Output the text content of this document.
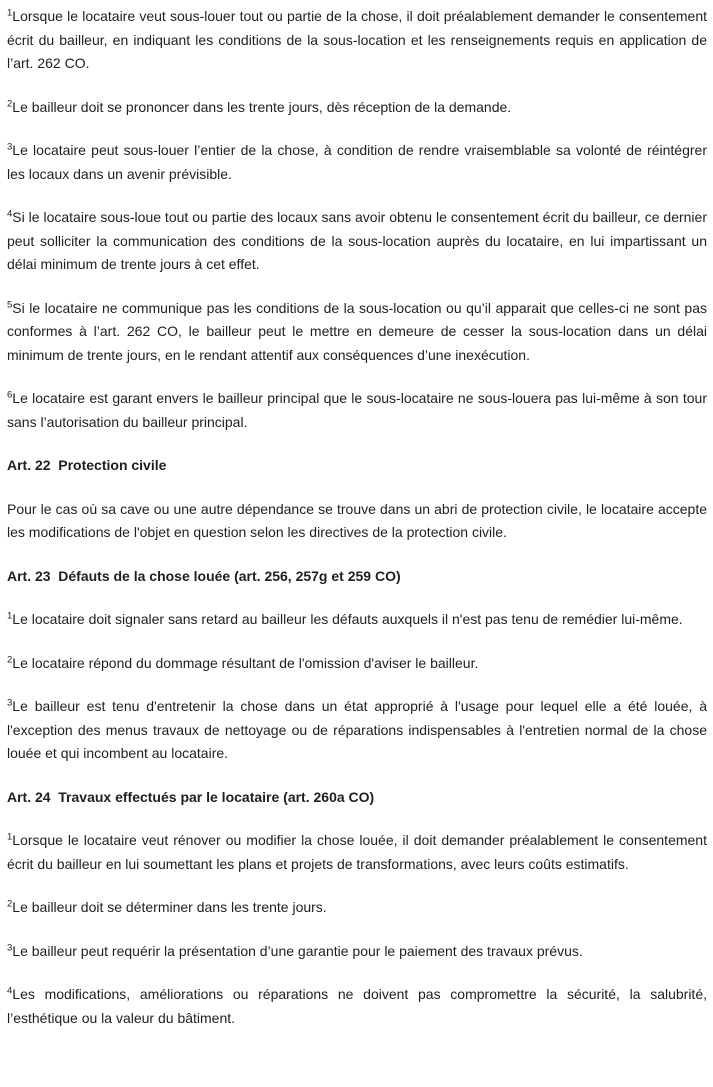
$^1$Lorsque le locataire veut sous-louer tout ou partie de la chose, il doit préalablement demander le consentement écrit du bailleur, en indiquant les conditions de la sous-location et les renseignements requis en application de l’art. 262 CO.

$^2$Le bailleur doit se prononcer dans les trente jours, dès réception de la demande.

$^3$Le locataire peut sous-louer l’entier de la chose, à condition de rendre vraisemblable sa volonté de réintégrer les locaux dans un avenir prévisible.

$^4$Si le locataire sous-loue tout ou partie des locaux sans avoir obtenu le consentement écrit du bailleur, ce dernier peut solliciter la communication des conditions de la sous-location auprès du locataire, en lui impartissant un délai minimum de trente jours à cet effet.

$^5$Si le locataire ne communique pas les conditions de la sous-location ou qu’il apparait que celles-ci ne sont pas conformes à l’art. 262 CO, le bailleur peut le mettre en demeure de cesser la sous-location dans un délai minimum de trente jours, en le rendant attentif aux conséquences d’une inexécution.

$^6$Le locataire est garant envers le bailleur principal que le sous-locataire ne sous-louera pas lui-même à son tour sans l’autorisation du bailleur principal.

Art. 22 Protection civile

Pour le cas où sa cave ou une autre dépendance se trouve dans un abri de protection civile, le locataire accepte les modifications de l'objet en question selon les directives de la protection civile.

Art. 23 Défauts de la chose louée (art. 256, 257g et 259 CO)

$^1$Le locataire doit signaler sans retard au bailleur les défauts auxquels il n'est pas tenu de remédier lui-même.

$^2$Le locataire répond du dommage résultant de l'omission d'aviser le bailleur.

$^3$Le bailleur est tenu d'entretenir la chose dans un état approprié à l'usage pour lequel elle a été louée, à l'exception des menus travaux de nettoyage ou de réparations indispensables à l'entretien normal de la chose louée et qui incombent au locataire.

Art. 24 Travaux effectués par le locataire (art. 260a CO)

$^1$Lorsque le locataire veut rénover ou modifier la chose louée, il doit demander préalablement le consentement écrit du bailleur en lui soumettant les plans et projets de transformations, avec leurs coûts estimatifs.

$^2$Le bailleur doit se déterminer dans les trente jours.

$^3$Le bailleur peut requérir la présentation d’une garantie pour le paiement des travaux prévus.

$^4$Les modifications, améliorations ou réparations ne doivent pas compromettre la sécurité, la salubrité, l’esthétique ou la valeur du bâtiment.
